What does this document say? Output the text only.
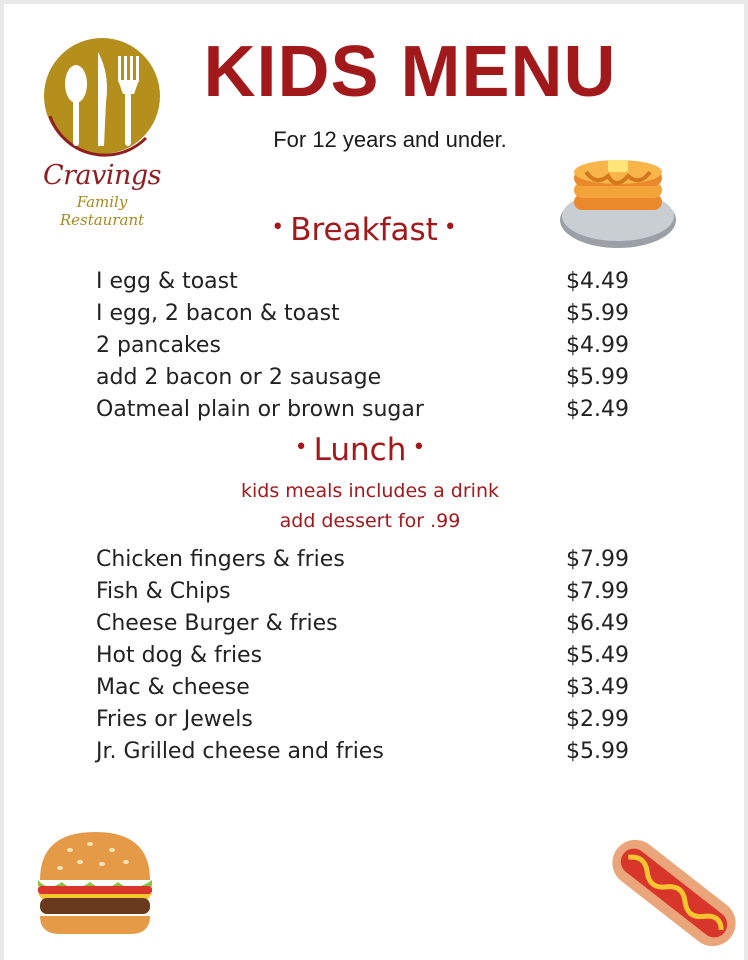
Cravings
Family Restaurant
KIDS MENU
For 12 years and under.
• Breakfast •
I egg & toast	$4.49
I egg, 2 bacon & toast	$5.99
2 pancakes	$4.99
add 2 bacon or 2 sausage	$5.99
Oatmeal plain or brown sugar	$2.49
• Lunch •
kids meals includes a drink
add dessert for .99
Chicken fingers & fries	$7.99
Fish & Chips	$7.99
Cheese Burger & fries	$6.49
Hot dog & fries	$5.49
Mac & cheese	$3.49
Fries or Jewels	$2.99
Jr. Grilled cheese and fries	$5.99
